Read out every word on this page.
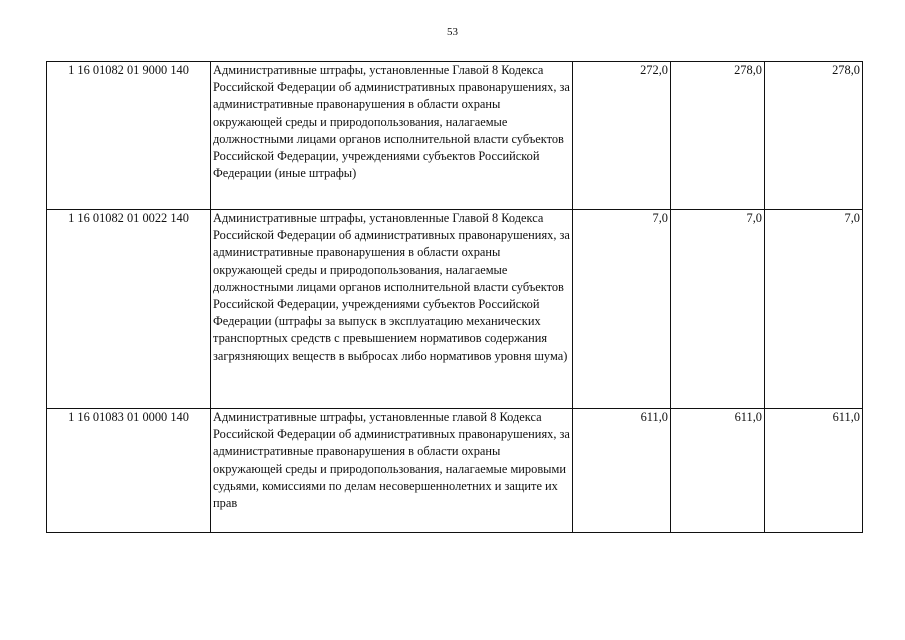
53
1 16 01082 01 9000 140	Административные штрафы, установленные Главой 8 Кодекса Российской Федерации об административных правонарушениях, за административные правонарушения в области охраны окружающей среды и природопользования, налагаемые должностными лицами органов исполнительной власти субъектов Российской Федерации, учреждениями субъектов Российской Федерации (иные штрафы)	272,0	278,0	278,0
1 16 01082 01 0022 140	Административные штрафы, установленные Главой 8 Кодекса Российской Федерации об административных правонарушениях, за административные правонарушения в области охраны окружающей среды и природопользования, налагаемые должностными лицами органов исполнительной власти субъектов Российской Федерации, учреждениями субъектов Российской Федерации (штрафы за выпуск в эксплуатацию механических транспортных средств с превышением нормативов содержания загрязняющих веществ в выбросах либо нормативов уровня шума)	7,0	7,0	7,0
1 16 01083 01 0000 140	Административные штрафы, установленные главой 8 Кодекса Российской Федерации об административных правонарушениях, за административные правонарушения в области охраны окружающей среды и природопользования, налагаемые мировыми судьями, комиссиями по делам несовершеннолетних и защите их прав	611,0	611,0	611,0
